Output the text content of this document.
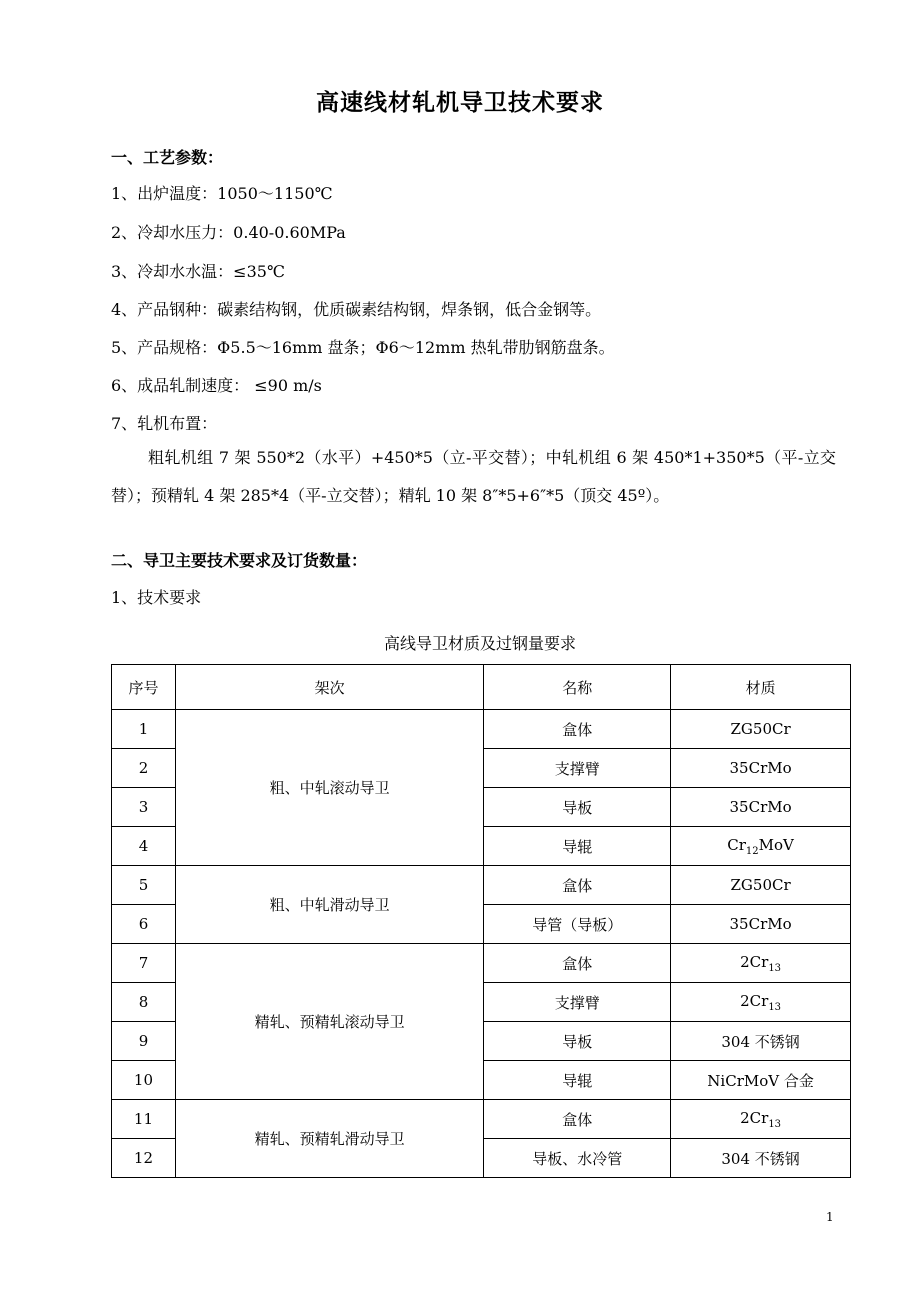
高速线材轧机导卫技术要求
一、工艺参数：
1、出炉温度：1050～1150℃
2、冷却水压力：0.40-0.60MPa
3、冷却水水温：≤35℃
4、产品钢种：碳素结构钢，优质碳素结构钢，焊条钢，低合金钢等。
5、产品规格：Φ5.5～16mm 盘条；Φ6～12mm 热轧带肋钢筋盘条。
6、成品轧制速度： ≤90 m/s
7、轧机布置：
粗轧机组 7 架 550*2（水平）+450*5（立-平交替）；中轧机组 6 架 450*1+350*5（平-立交替）；预精轧 4 架 285*4（平-立交替）；精轧 10 架 8″*5+6″*5（顶交 45º）。
二、导卫主要技术要求及订货数量：
1、技术要求
高线导卫材质及过钢量要求
序号	架次	名称	材质
1	粗、中轧滚动导卫	盒体	ZG50Cr
2		支撑臂	35CrMo
3		导板	35CrMo
4		导辊	$Cr_{12}MoV$
5	粗、中轧滑动导卫	盒体	ZG50Cr
6		导管（导板）	35CrMo
7	精轧、预精轧滚动导卫	盒体	$2Cr_{13}$
8		支撑臂	$2Cr_{13}$
9		导板	304 不锈钢
10		导辊	NiCrMoV 合金
11	精轧、预精轧滑动导卫	盒体	$2Cr_{13}$
12		导板、水冷管	304 不锈钢
1
